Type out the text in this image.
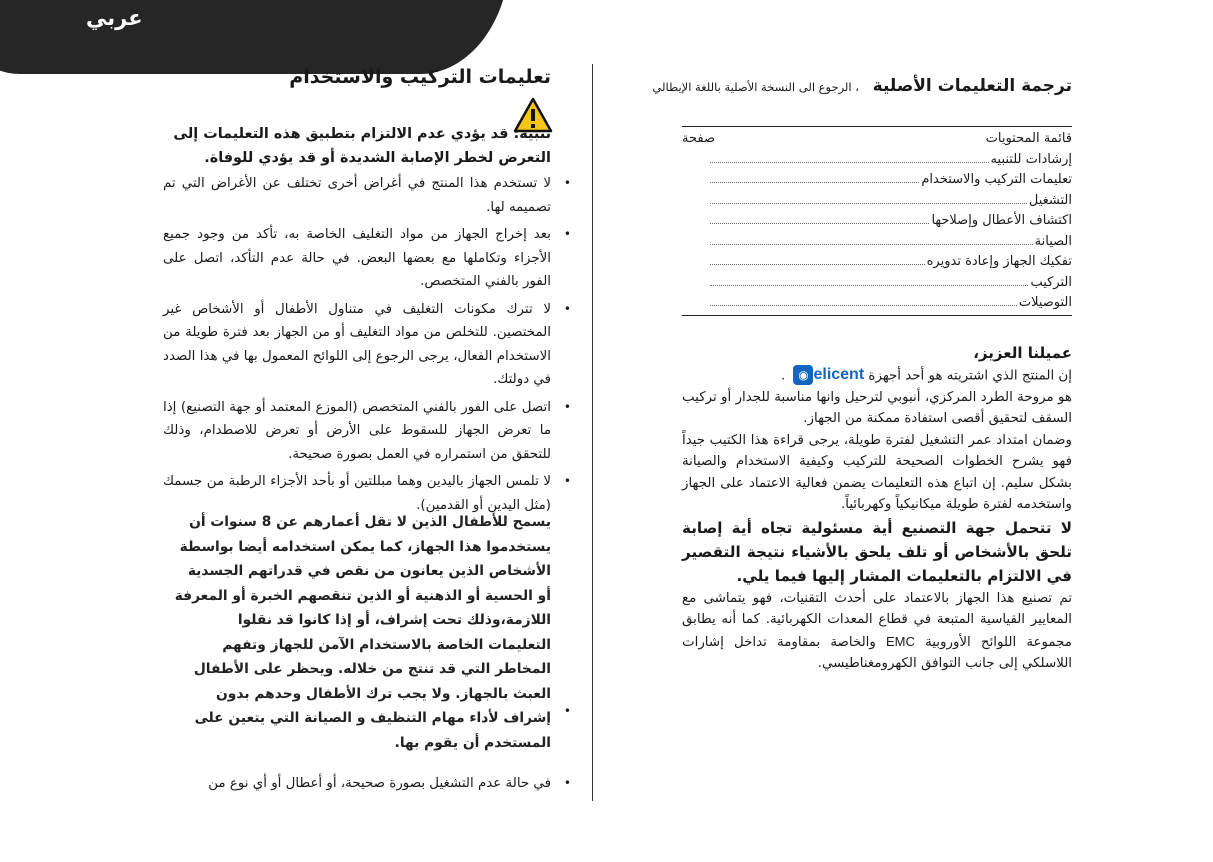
عربي
ترجمة التعليمات الأصلية ، الرجوع الى النسخة الأصلية باللغة الإيطالي
قائمة المحتويات
صفحة
إرشادات للتنبيه
تعليمات التركيب والاستخدام
التشغيل
اكتشاف الأعطال وإصلاحها
الصيانة
تفكيك الجهاز وإعادة تدويره
التركيب
التوصيلات
عميلنا العزيز،

إن المنتج الذي اشتريته هو أحد أجهزة elicent◉ .

هو مروحة الطرد المركزي، أنبوبي لترحيل وانها مناسبة للجدار أو تركيب السقف لتحقيق أقصى استفادة ممكنة من الجهاز.

وضمان امتداد عمر التشغيل لفترة طويلة، يرجى قراءة هذا الكتيب جيداً فهو يشرح الخطوات الصحيحة للتركيب وكيفية الاستخدام والصيانة بشكل سليم. إن اتباع هذه التعليمات يضمن فعالية الاعتماد على الجهاز واستخدمه لفترة طويلة ميكانيكياً وكهربائياً.

لا تتحمل جهة التصنيع أية مسئولية تجاه أية إصابة تلحق بالأشخاص أو تلف يلحق بالأشياء نتيجة التقصير في الالتزام بالتعليمات المشار إليها فيما يلي.

تم تصنيع هذا الجهاز بالاعتماد على أحدث التقنيات، فهو يتماشى مع المعايير القياسية المتبعة في قطاع المعدات الكهربائية. كما أنه يطابق مجموعة اللوائح الأوروبية EMC والخاصة بمقاومة تداخل إشارات اللاسلكي إلى جانب التوافق الكهرومغناطيسي.

تعليمات التركيب والاستخدام
تنبيه: قد يؤدي عدم الالتزام بتطبيق هذه التعليمات إلى التعرض لخطر الإصابة الشديدة أو قد يؤدي للوفاة.
•
لا تستخدم هذا المنتج في أغراض أخرى تختلف عن الأغراض التي تم تصميمه لها.
•
بعد إخراج الجهاز من مواد التغليف الخاصة به، تأكد من وجود جميع الأجزاء وتكاملها مع بعضها البعض. في حالة عدم التأكد، اتصل على الفور بالفني المتخصص.
•
لا تترك مكونات التغليف في متناول الأطفال أو الأشخاص غير المختصين. للتخلص من مواد التغليف أو من الجهاز بعد فترة طويلة من الاستخدام الفعال، يرجى الرجوع إلى اللوائح المعمول بها في هذا الصدد في دولتك.
•
اتصل على الفور بالفني المتخصص (الموزع المعتمد أو جهة التصنيع) إذا ما تعرض الجهاز للسقوط على الأرض أو تعرض للاصطدام، وذلك للتحقق من استمراره في العمل بصورة صحيحة.
•
لا تلمس الجهاز باليدين وهما مبللتين أو بأحد الأجزاء الرطبة من جسمك (مثل اليدين أو القدمين).
يسمح للأطفال الذين لا تقل أعمارهم عن 8 سنوات أن يستخدموا هذا الجهاز، كما يمكن استخدامه أيضا بواسطة الأشخاص الذين يعانون من نقص في قدراتهم الجسدية أو الحسية أو الذهنية أو الذين تنقصهم الخبرة أو المعرفة اللازمة،وذلك تحت إشراف، أو إذا كانوا قد نقلوا التعليمات الخاصة بالاستخدام الآمن للجهاز وتفهم المخاطر التي قد تنتج من خلاله. ويحظر على الأطفال العبث بالجهاز. ولا يجب ترك الأطفال وحدهم بدون إشراف لأداء مهام التنظيف و الصيانة التي يتعين على المستخدم أن يقوم بها.
•
•
في حالة عدم التشغيل بصورة صحيحة، أو أعطال أو أي نوع من
